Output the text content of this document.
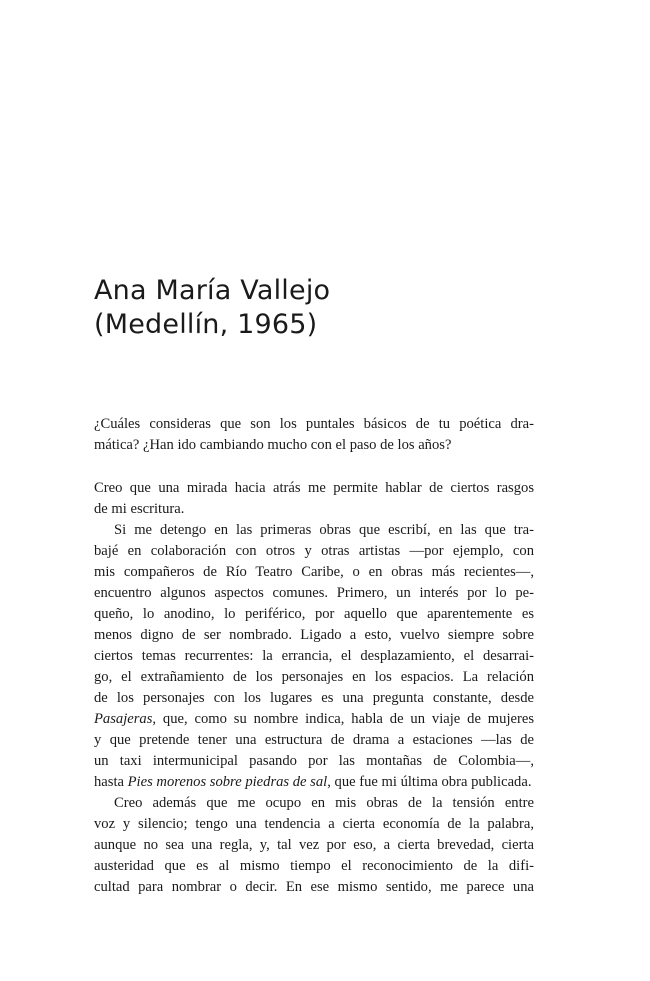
Ana María Vallejo
(Medellín, 1965)

¿Cuáles consideras que son los puntales básicos de tu poética dra-
mática? ¿Han ido cambiando mucho con el paso de los años?

Creo que una mirada hacia atrás me permite hablar de ciertos rasgos
de mi escritura.
Si me detengo en las primeras obras que escribí, en las que tra-
bajé en colaboración con otros y otras artistas —por ejemplo, con
mis compañeros de Río Teatro Caribe, o en obras más recientes—,
encuentro algunos aspectos comunes. Primero, un interés por lo pe-
queño, lo anodino, lo periférico, por aquello que aparentemente es
menos digno de ser nombrado. Ligado a esto, vuelvo siempre sobre
ciertos temas recurrentes: la errancia, el desplazamiento, el desarrai-
go, el extrañamiento de los personajes en los espacios. La relación
de los personajes con los lugares es una pregunta constante, desde
Pasajeras, que, como su nombre indica, habla de un viaje de mujeres
y que pretende tener una estructura de drama a estaciones —las de
un taxi intermunicipal pasando por las montañas de Colombia—,
hasta Pies morenos sobre piedras de sal, que fue mi última obra publicada.
Creo además que me ocupo en mis obras de la tensión entre
voz y silencio; tengo una tendencia a cierta economía de la palabra,
aunque no sea una regla, y, tal vez por eso, a cierta brevedad, cierta
austeridad que es al mismo tiempo el reconocimiento de la difi-
cultad para nombrar o decir. En ese mismo sentido, me parece una
